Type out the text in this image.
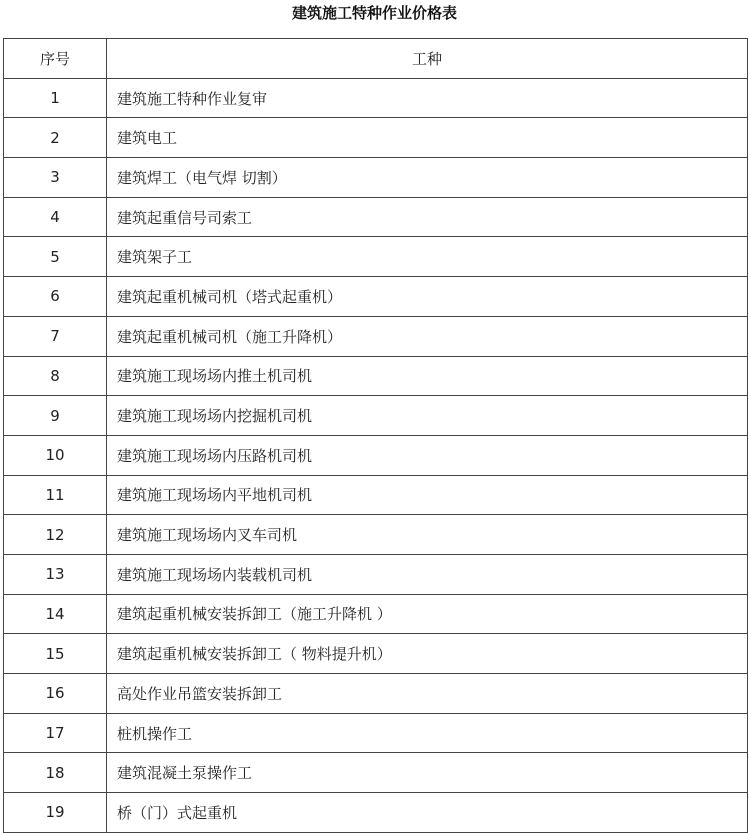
建筑施工特种作业价格表
序号	工种
1	建筑施工特种作业复审
2	建筑电工
3	建筑焊工（电气焊 切割）
4	建筑起重信号司索工
5	建筑架子工
6	建筑起重机械司机（塔式起重机）
7	建筑起重机械司机（施工升降机）
8	建筑施工现场场内推土机司机
9	建筑施工现场场内挖掘机司机
10	建筑施工现场场内压路机司机
11	建筑施工现场场内平地机司机
12	建筑施工现场场内叉车司机
13	建筑施工现场场内装载机司机
14	建筑起重机械安装拆卸工（施工升降机 ）
15	建筑起重机械安装拆卸工（ 物料提升机）
16	高处作业吊篮安装拆卸工
17	桩机操作工
18	建筑混凝土泵操作工
19	桥（门）式起重机
